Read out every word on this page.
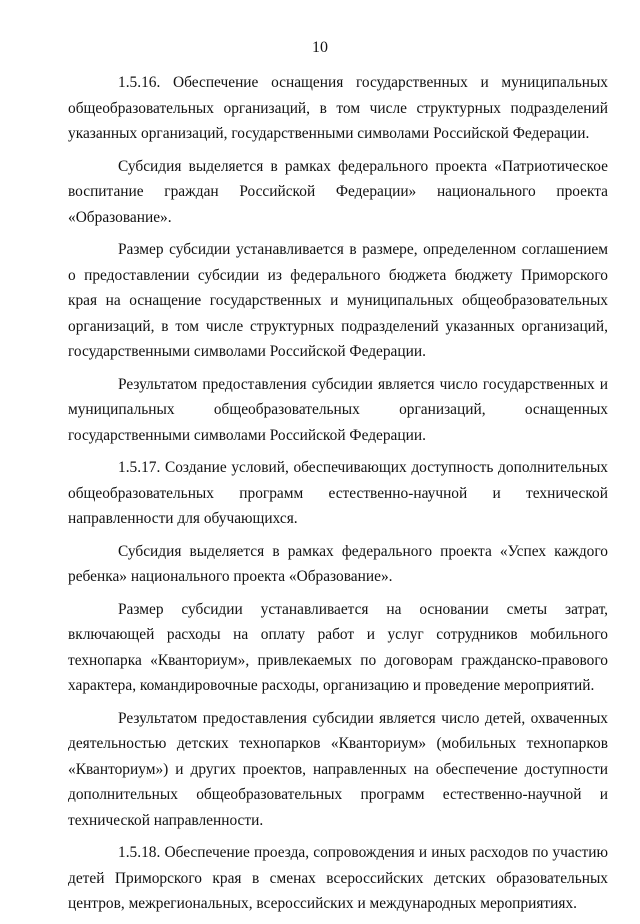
10

1.5.16. Обеспечение оснащения государственных и муниципальных общеобразовательных организаций, в том числе структурных подразделений указанных организаций, государственными символами Российской Федерации.

Субсидия выделяется в рамках федерального проекта «Патриотическое воспитание граждан Российской Федерации» национального проекта «Образование».

Размер субсидии устанавливается в размере, определенном соглашением о предоставлении субсидии из федерального бюджета бюджету Приморского края на оснащение государственных и муниципальных общеобразовательных организаций, в том числе структурных подразделений указанных организаций, государственными символами Российской Федерации.

Результатом предоставления субсидии является число государственных и муниципальных общеобразовательных организаций, оснащенных государственными символами Российской Федерации.

1.5.17. Создание условий, обеспечивающих доступность дополнительных общеобразовательных программ естественно-научной и технической направленности для обучающихся.

Субсидия выделяется в рамках федерального проекта «Успех каждого ребенка» национального проекта «Образование».

Размер субсидии устанавливается на основании сметы затрат, включающей расходы на оплату работ и услуг сотрудников мобильного технопарка «Кванториум», привлекаемых по договорам гражданско-правового характера, командировочные расходы, организацию и проведение мероприятий.

Результатом предоставления субсидии является число детей, охваченных деятельностью детских технопарков «Кванториум» (мобильных технопарков «Кванториум») и других проектов, направленных на обеспечение доступности дополнительных общеобразовательных программ естественно-научной и технической направленности.

1.5.18. Обеспечение проезда, сопровождения и иных расходов по участию детей Приморского края в сменах всероссийских детских образовательных центров, межрегиональных, всероссийских и международных мероприятиях.
